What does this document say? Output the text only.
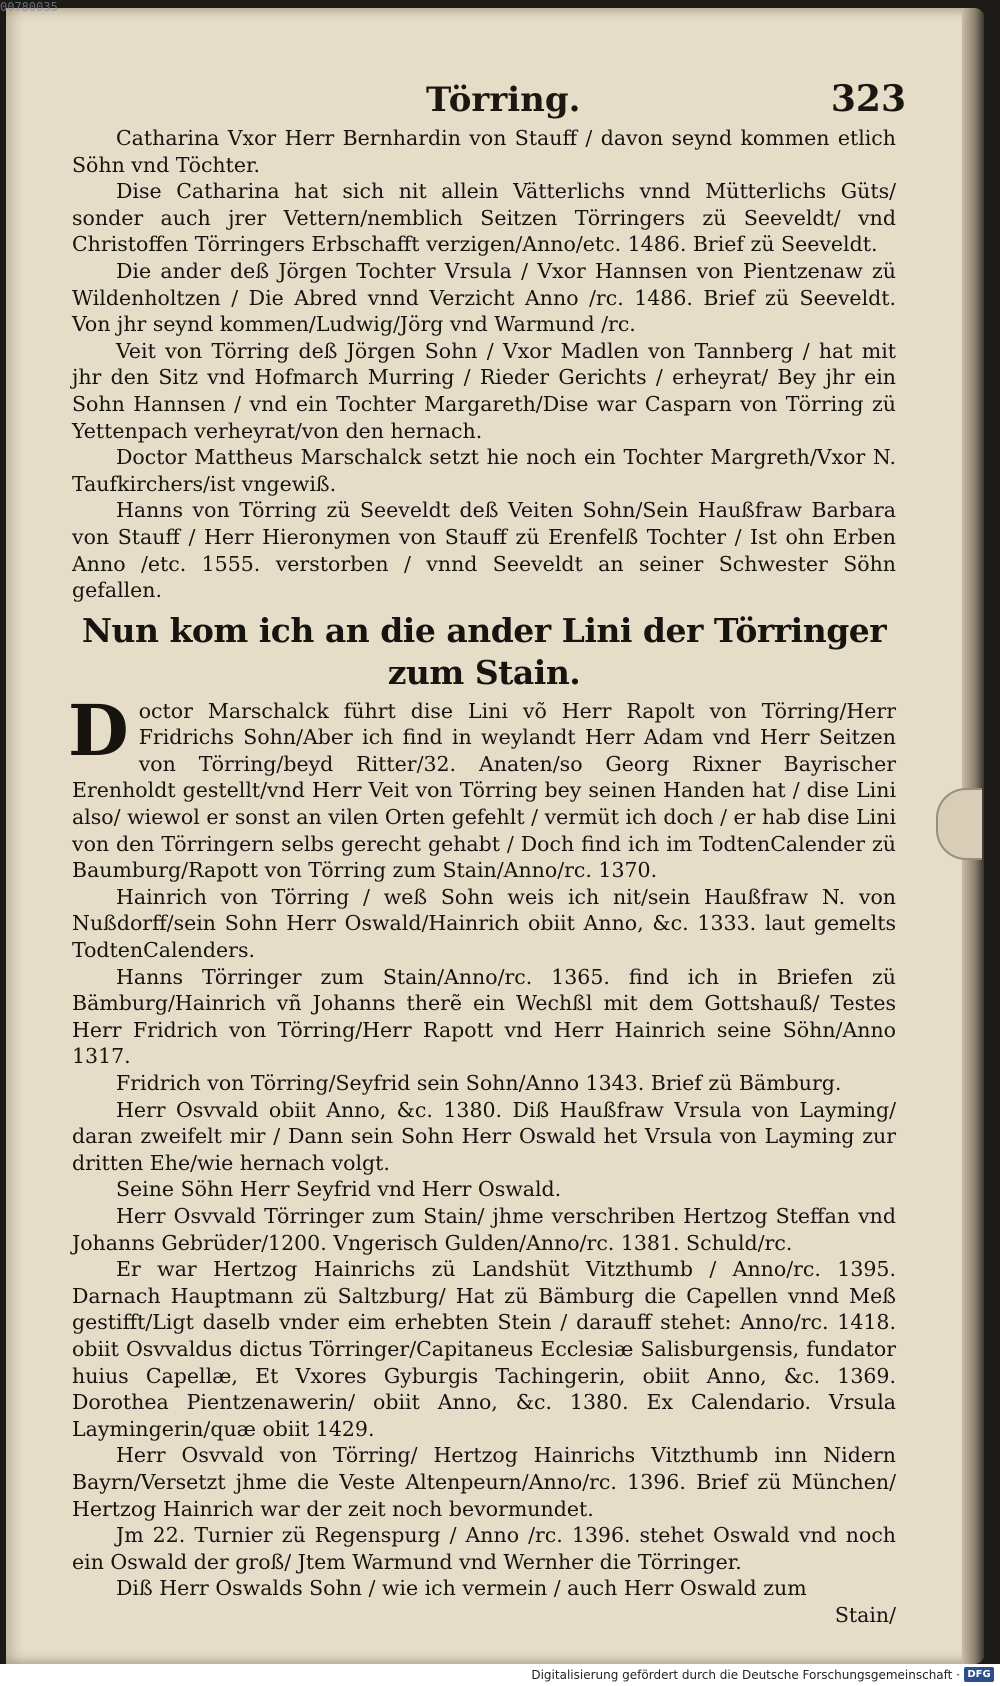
Törring.	323

Catharina Vxor Herr Bernhardin von Stauff / davon seynd kommen etlich Söhn vnd Töchter.

Dise Catharina hat sich nit allein Vätterlichs vnnd Mütterlichs Güts/ sonder auch jrer Vettern/nemblich Seitzen Törringers zü Seeveldt/ vnd Christoffen Törringers Erbschafft verzigen/Anno/etc. 1486. Brief zü Seeveldt.

Die ander deß Jörgen Tochter Vrsula / Vxor Hannsen von Pientzenaw zü Wildenholtzen / Die Abred vnnd Verzicht Anno /rc. 1486. Brief zü Seeveldt. Von jhr seynd kommen/Ludwig/Jörg vnd Warmund /rc.

Veit von Törring deß Jörgen Sohn / Vxor Madlen von Tannberg / hat mit jhr den Sitz vnd Hofmarch Murring / Rieder Gerichts / erheyrat/ Bey jhr ein Sohn Hannsen / vnd ein Tochter Margareth/Dise war Casparn von Törring zü Yettenpach verheyrat/von den hernach.

Doctor Mattheus Marschalck setzt hie noch ein Tochter Margreth/Vxor N. Taufkirchers/ist vngewiß.

Hanns von Törring zü Seeveldt deß Veiten Sohn/Sein Haußfraw Barbara von Stauff / Herr Hieronymen von Stauff zü Erenfelß Tochter / Ist ohn Erben Anno /etc. 1555. verstorben / vnnd Seeveldt an seiner Schwester Söhn gefallen.

Nun kom ich an die ander Lini der Törringer zum Stain.

Doctor Marschalck führt dise Lini võ Herr Rapolt von Törring/Herr Fridrichs Sohn/Aber ich find in weylandt Herr Adam vnd Herr Seitzen von Törring/beyd Ritter/32. Anaten/so Georg Rixner Bayrischer Erenholdt gestellt/vnd Herr Veit von Törring bey seinen Handen hat / dise Lini also/ wiewol er sonst an vilen Orten gefehlt / vermüt ich doch / er hab dise Lini von den Törringern selbs gerecht gehabt / Doch find ich im TodtenCalender zü Baumburg/Rapott von Törring zum Stain/Anno/rc. 1370.

Hainrich von Törring / weß Sohn weis ich nit/sein Haußfraw N. von Nußdorff/sein Sohn Herr Oswald/Hainrich obiit Anno, &c. 1333. laut gemelts TodtenCalenders.

Hanns Törringer zum Stain/Anno/rc. 1365. find ich in Briefen zü Bämburg/Hainrich vñ Johanns therẽ ein Wechßl mit dem Gottshauß/ Testes Herr Fridrich von Törring/Herr Rapott vnd Herr Hainrich seine Söhn/Anno 1317.

Fridrich von Törring/Seyfrid sein Sohn/Anno 1343. Brief zü Bämburg.

Herr Osvvald obiit Anno, &c. 1380. Diß Haußfraw Vrsula von Layming/ daran zweifelt mir / Dann sein Sohn Herr Oswald het Vrsula von Layming zur dritten Ehe/wie hernach volgt.

Seine Söhn Herr Seyfrid vnd Herr Oswald.

Herr Osvvald Törringer zum Stain/ jhme verschriben Hertzog Steffan vnd Johanns Gebrüder/1200. Vngerisch Gulden/Anno/rc. 1381. Schuld/rc.

Er war Hertzog Hainrichs zü Landshüt Vitzthumb / Anno/rc. 1395. Darnach Hauptmann zü Saltzburg/ Hat zü Bämburg die Capellen vnnd Meß gestifft/Ligt daselb vnder eim erhebten Stein / darauff stehet: Anno/rc. 1418. obiit Osvvaldus dictus Törringer/Capitaneus Ecclesiæ Salisburgensis, fundator huius Capellæ, Et Vxores Gyburgis Tachingerin, obiit Anno, &c. 1369. Dorothea Pientzenawerin/ obiit Anno, &c. 1380. Ex Calendario. Vrsula Laymingerin/quæ obiit 1429.

Herr Osvvald von Törring/ Hertzog Hainrichs Vitzthumb inn Nidern Bayrn/Versetzt jhme die Veste Altenpeurn/Anno/rc. 1396. Brief zü München/ Hertzog Hainrich war der zeit noch bevormundet.

Jm 22. Turnier zü Regenspurg / Anno /rc. 1396. stehet Oswald vnd noch ein Oswald der groß/ Jtem Warmund vnd Wernher die Törringer.

Diß Herr Oswalds Sohn / wie ich vermein / auch Herr Oswald zum

Stain/
00780035
Digitalisierung gefördert durch die Deutsche Forschungsgemeinschaft · DFG
